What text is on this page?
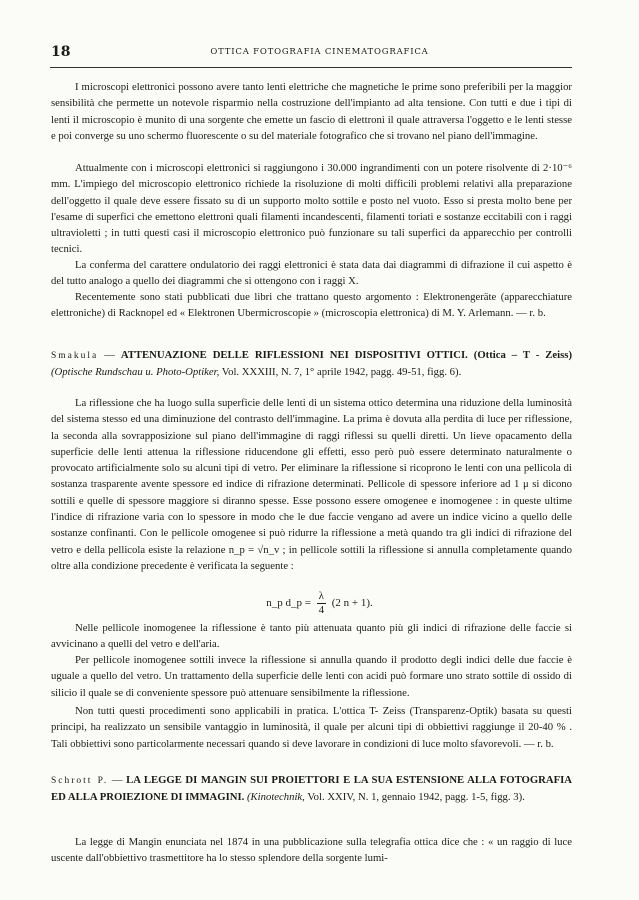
18	OTTICA FOTOGRAFIA CINEMATOGRAFICA

I microscopi elettronici possono avere tanto lenti elettriche che magnetiche le prime sono preferibili per la maggior sensibilità che permette un notevole risparmio nella costruzione dell'impianto ad alta tensione. Con tutti e due i tipi di lenti il microscopio è munito di una sorgente che emette un fascio di elettroni il quale attraversa l'oggetto e le lenti stesse e poi converge su uno schermo fluorescente o su del materiale fotografico che si trovano nel piano dell'immagine.

Attualmente con i microscopi elettronici si raggiungono i 30.000 ingrandimenti con un potere risolvente di 2·10⁻⁶ mm. L'impiego del microscopio elettronico richiede la risoluzione di molti difficili problemi relativi alla preparazione dell'oggetto il quale deve essere fissato su di un supporto molto sottile e posto nel vuoto. Esso si presta molto bene per l'esame di superfici che emettono elettroni quali filamenti incandescenti, filamenti toriati e sostanze eccitabili con i raggi ultravioletti ; in tutti questi casi il microscopio elettronico può funzionare su tali superfici da apparecchio per controlli tecnici.

La conferma del carattere ondulatorio dei raggi elettronici è stata data dai diagrammi di difrazione il cui aspetto è del tutto analogo a quello dei diagrammi che si ottengono con i raggi X.

Recentemente sono stati pubblicati due libri che trattano questo argomento : Elektronengeräte (apparecchiature elettroniche) di Racknopel ed « Elektronen Ubermicroscopie » (microscopia elettronica) di M. Y. Arlemann. — r. b.

Smakula — ATTENUAZIONE DELLE RIFLESSIONI NEI DISPOSITIVI OTTICI. (Ottica – T - Zeiss) (Optische Rundschau u. Photo-Optiker, Vol. XXXIII, N. 7, 1° aprile 1942, pagg. 49-51, figg. 6).

La riflessione che ha luogo sulla superficie delle lenti di un sistema ottico determina una riduzione della luminosità del sistema stesso ed una diminuzione del contrasto dell'immagine. La prima è dovuta alla perdita di luce per riflessione, la seconda alla sovrapposizione sul piano dell'immagine di raggi riflessi su quelli diretti. Un lieve opacamento della superficie delle lenti attenua la riflessione riducendone gli effetti, esso però può essere determinato naturalmente o provocato artificialmente solo su alcuni tipi di vetro. Per eliminare la riflessione si ricoprono le lenti con una pellicola di sostanza trasparente avente spessore ed indice di rifrazione determinati. Pellicole di spessore inferiore ad 1 μ si dicono sottili e quelle di spessore maggiore si diranno spesse. Esse possono essere omogenee e inomogenee : in queste ultime l'indice di rifrazione varia con lo spessore in modo che le due faccie vengano ad avere un indice vicino a quello delle sostanze confinanti. Con le pellicole omogenee si può ridurre la riflessione a metà quando tra gli indici di rifrazione del vetro e della pellicola esiste la relazione n_p = √n_v ; in pellicole sottili la riflessione si annulla completamente quando oltre alla condizione precedente è verificata la seguente :

n_p d_p = $\frac{\lambda}{4} (2$ n + 1).

Nelle pellicole inomogenee la riflessione è tanto più attenuata quanto più gli indici di rifrazione delle faccie si avvicinano a quelli del vetro e dell'aria.

Per pellicole inomogenee sottili invece la riflessione si annulla quando il prodotto degli indici delle due faccie è uguale a quello del vetro. Un trattamento della superficie delle lenti con acidi può formare uno strato sottile di ossido di silicio il quale se di conveniente spessore può attenuare sensibilmente la riflessione.

Non tutti questi procedimenti sono applicabili in pratica. L'ottica T- Zeiss (Transparenz-Optik) basata su questi principi, ha realizzato un sensibile vantaggio in luminosità, il quale per alcuni tipi di obbiettivi raggiunge il 20-40 % . Tali obbiettivi sono particolarmente necessari quando si deve lavorare in condizioni di luce molto sfavorevoli. — r. b.

Schrott P. — LA LEGGE DI MANGIN SUI PROIETTORI E LA SUA ESTENSIONE ALLA FOTOGRAFIA ED ALLA PROIEZIONE DI IMMAGINI. (Kinotechnik, Vol. XXIV, N. 1, gennaio 1942, pagg. 1-5, figg. 3).

La legge di Mangin enunciata nel 1874 in una pubblicazione sulla telegrafia ottica dice che : « un raggio di luce uscente dall'obbiettivo trasmettitore ha lo stesso splendore della sorgente lumi-
